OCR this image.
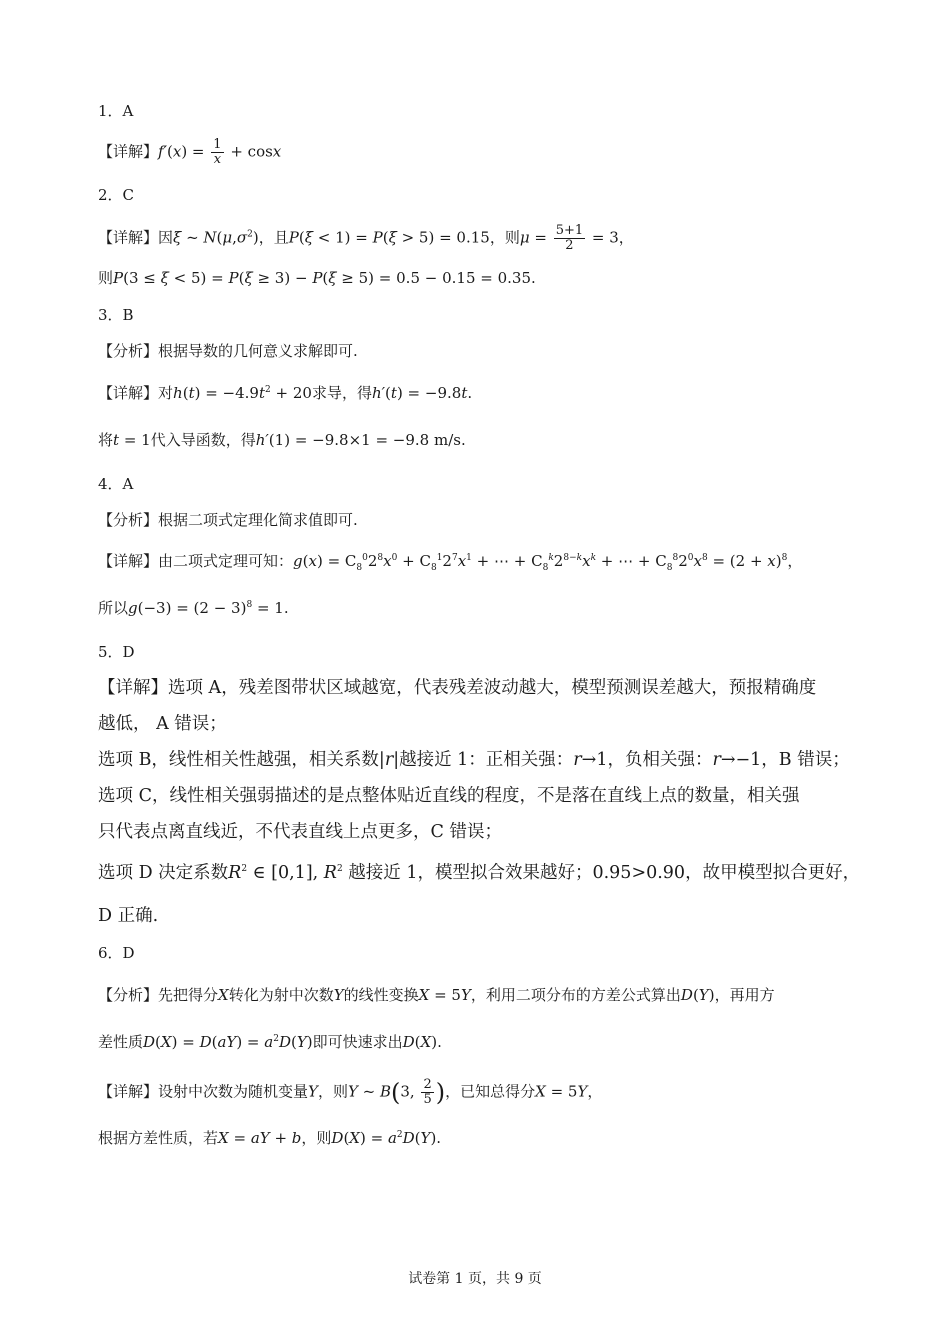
1．A
【详解】$f'(x) = \frac{1}{x} + \cos x$
2．C
【详解】因ξ ~ $N(\mu,\sigma^2)$，且P(ξ < 1) = P(ξ > 5) = 0.15，则$\mu = \frac{5+1}{2} = 3$，
则P(3 ≤ ξ < 5) = P(ξ ≥ 3) − P(ξ ≥ 5) = 0.5 − 0.15 = 0.35.
3．B
【分析】根据导数的几何意义求解即可.
【详解】对$h(t) = -4.9t^2 + 20$求导，得h′(t) = −9.8t.
将t = 1代入导函数，得h′(1) = −9.8×1 = −9.8 m/s.
4．A
【分析】根据二项式定理化简求值即可.
【详解】由二项式定理可知：$g(x) = C_8^02^8x^0 + C_8^12^7x^1$ + ⋯ + $C_8^k2^{8-k}x^k$ + ⋯ + $C_8^82^0x^8 = (2 + x)^8$，
所以$g(-3) = (2 - 3)^8 = 1$.
5．D
【详解】选项 A，残差图带状区域越宽，代表残差波动越大，模型预测误差越大，预报精确度
越低， A 错误；
选项 B，线性相关性越强，相关系数|r|越接近 1：正相关强：r→1，负相关强：r→−1，B 错误；
选项 C，线性相关强弱描述的是点整体贴近直线的程度，不是落在直线上点的数量，相关强
只代表点离直线近，不代表直线上点更多，C 错误；
选项 D 决定系数$R^2$ ∈ [0,1], $R^2$ 越接近 1，模型拟合效果越好；0.95>0.90，故甲模型拟合更好，
D 正确.
6．D
【分析】先把得分X转化为射中次数Y的线性变换X = 5Y，利用二项分布的方差公式算出D(Y)，再用方
差性质$D(X) = D(aY) = a^2D(Y)$即可快速求出D(X).
【详解】设射中次数为随机变量Y，则Y ~ B(3, $\frac{2}{5}$ )，已知总得分X = 5Y，
根据方差性质，若X = aY + b，则$D(X) = a^2D(Y)$.
试卷第 1 页，共 9 页
